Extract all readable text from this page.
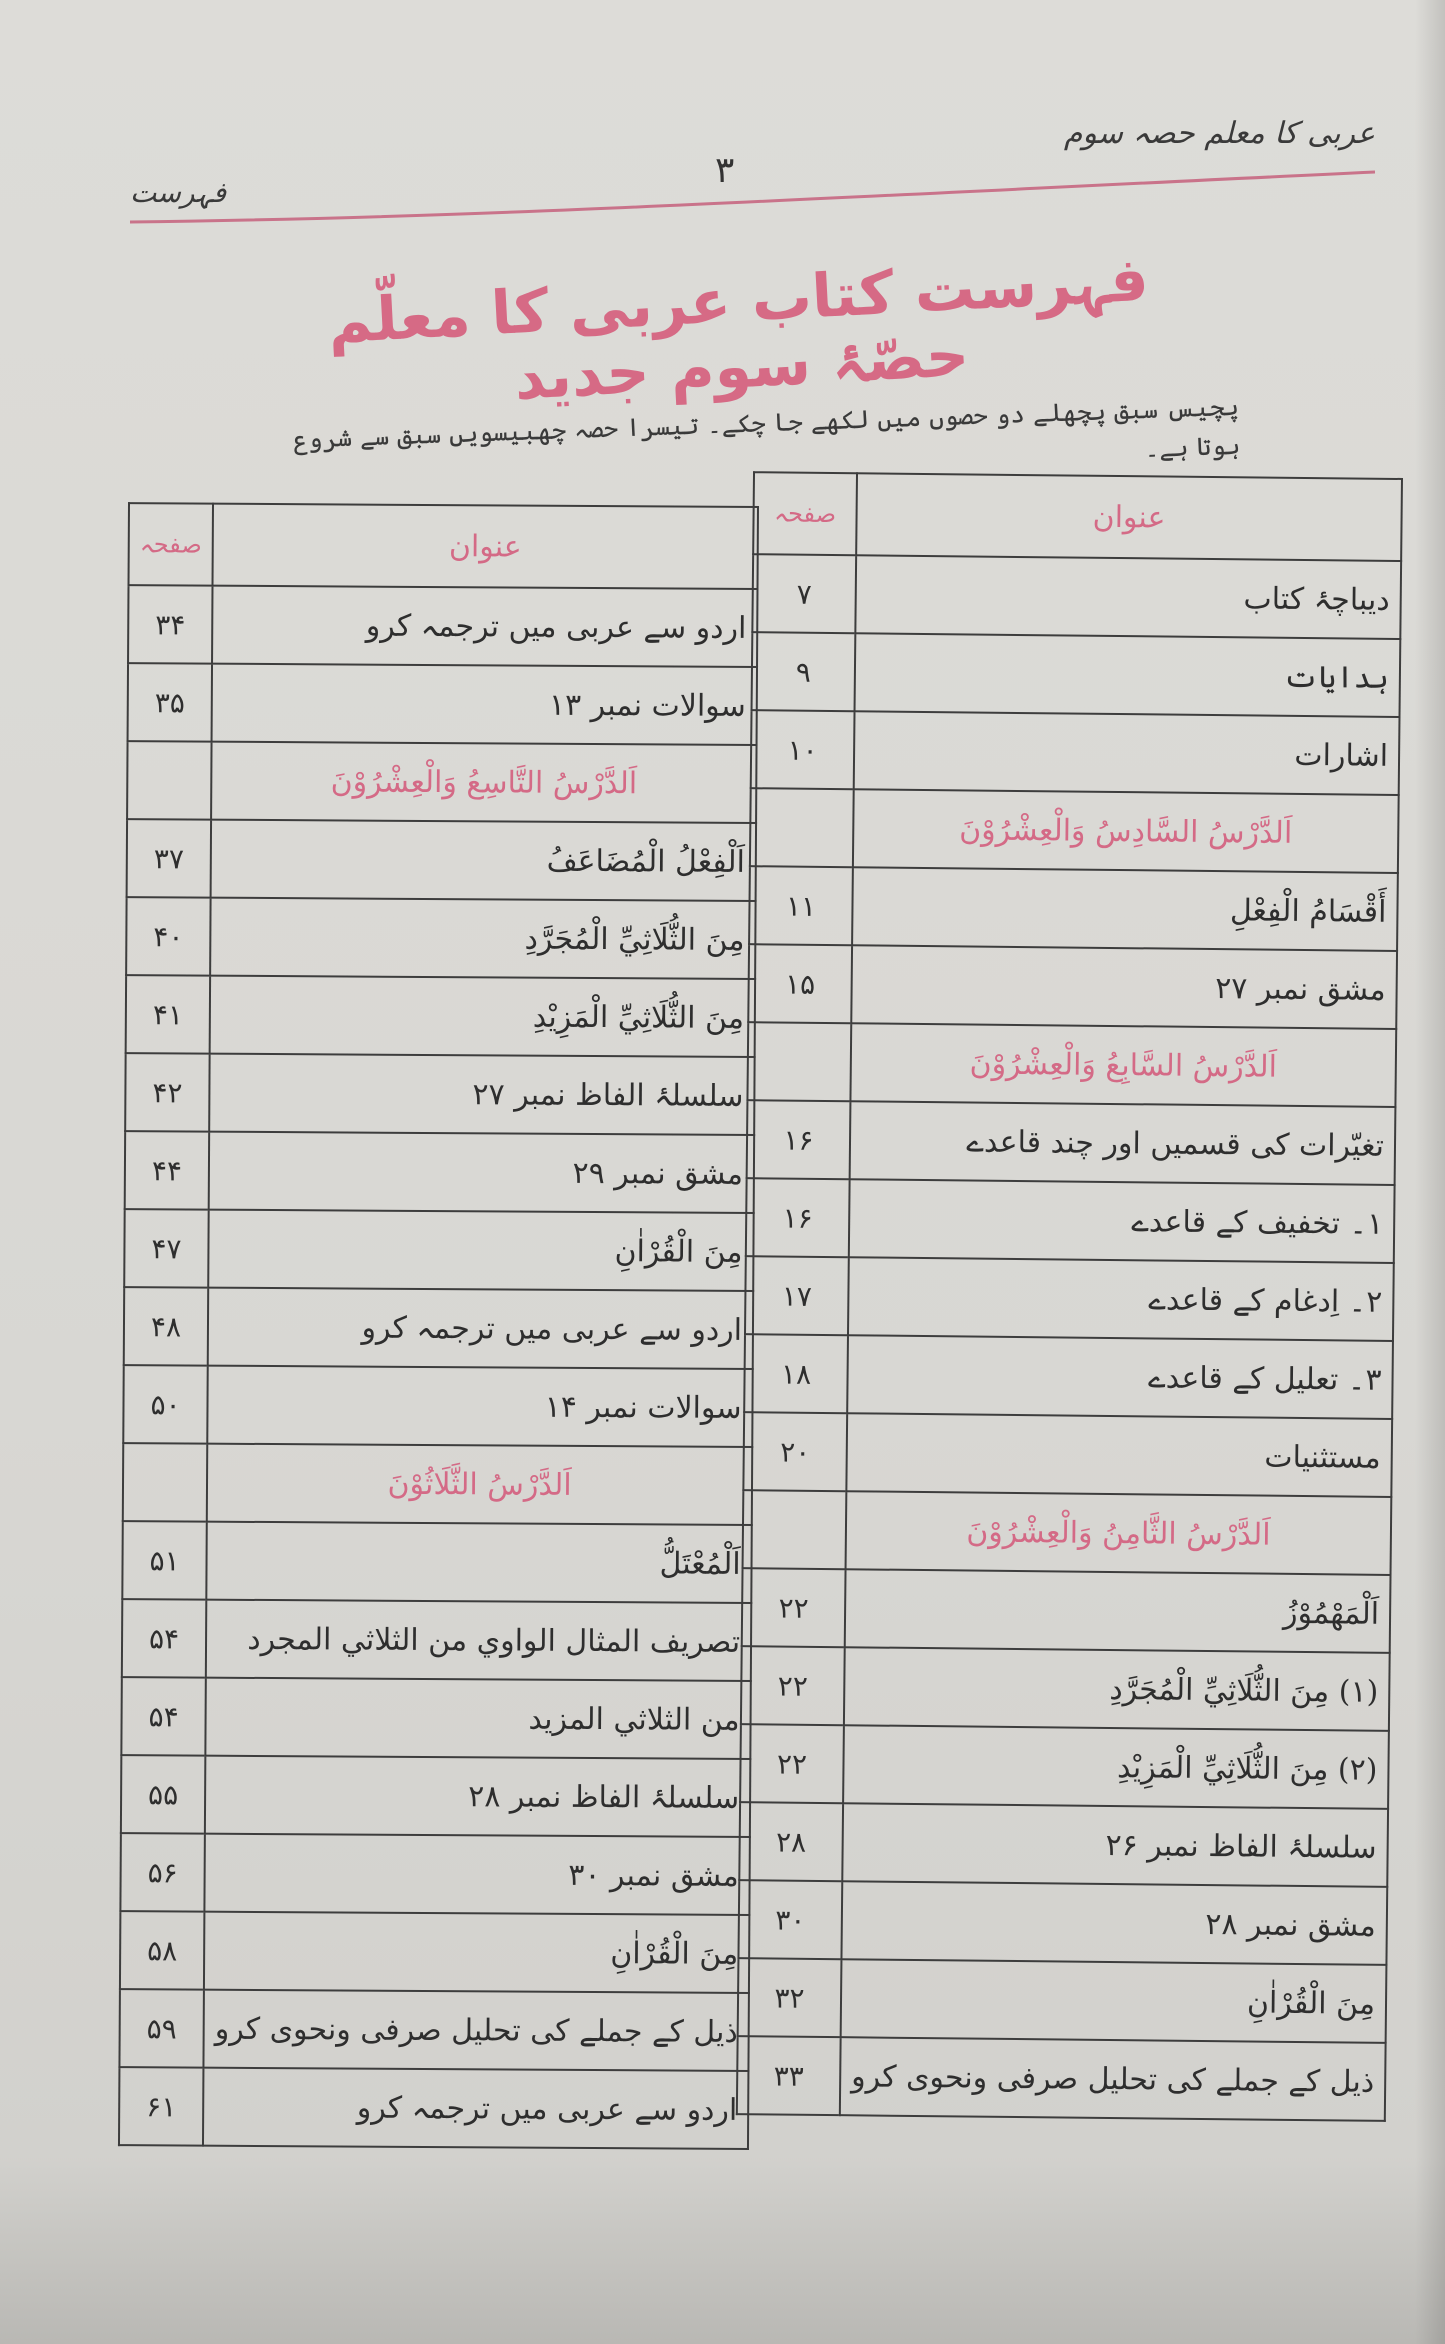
عربی کا معلم حصہ سوم
۳
فہرست
فہرست کتاب عربی کا معلّم حصّۂ سوم جدید
پچیس سبق پچھلے دو حصوں میں لکھے جا چکے۔ تیسرا حصہ چھبیسویں سبق سے شروع ہوتا ہے۔
عنوان	صفحہ
دیباچۂ کتاب	۷
ہدایات	۹
اشارات	۱۰
اَلدَّرْسُ السَّادِسُ وَالْعِشْرُوْنَ	
أَقْسَامُ الْفِعْلِ	۱۱
مشق نمبر ۲۷	۱۵
اَلدَّرْسُ السَّابِعُ وَالْعِشْرُوْنَ	
تغیّرات کی قسمیں اور چند قاعدے	۱۶
۱۔ تخفیف کے قاعدے	۱۶
۲۔ اِدغام کے قاعدے	۱۷
۳۔ تعلیل کے قاعدے	۱۸
مستثنیات	۲۰
اَلدَّرْسُ الثَّامِنُ وَالْعِشْرُوْنَ	
اَلْمَهْمُوْزُ	۲۲
(۱) مِنَ الثُّلَاثِيِّ الْمُجَرَّدِ	۲۲
(۲) مِنَ الثُّلَاثِيِّ الْمَزِيْدِ	۲۲
سلسلۂ الفاظ نمبر ۲۶	۲۸
مشق نمبر ۲۸	۳۰
مِنَ الْقُرْاٰنِ	۳۲
ذیل کے جملے کی تحلیل صرفی ونحوی کرو	۳۳
عنوان	صفحہ
اردو سے عربی میں ترجمہ کرو	۳۴
سوالات نمبر ۱۳	۳۵
اَلدَّرْسُ التَّاسِعُ وَالْعِشْرُوْنَ	
اَلْفِعْلُ الْمُضَاعَفُ	۳۷
مِنَ الثُّلَاثِيِّ الْمُجَرَّدِ	۴۰
مِنَ الثُّلَاثِيِّ الْمَزِيْدِ	۴۱
سلسلۂ الفاظ نمبر ۲۷	۴۲
مشق نمبر ۲۹	۴۴
مِنَ الْقُرْاٰنِ	۴۷
اردو سے عربی میں ترجمہ کرو	۴۸
سوالات نمبر ۱۴	۵۰
اَلدَّرْسُ الثَّلَاثُوْنَ	
اَلْمُعْتَلُّ	۵۱
تصريف المثال الواوي من الثلاثي المجرد	۵۴
من الثلاثي المزيد	۵۴
سلسلۂ الفاظ نمبر ۲۸	۵۵
مشق نمبر ۳۰	۵۶
مِنَ الْقُرْاٰنِ	۵۸
ذیل کے جملے کی تحلیل صرفی ونحوی کرو	۵۹
اردو سے عربی میں ترجمہ کرو	۶۱
